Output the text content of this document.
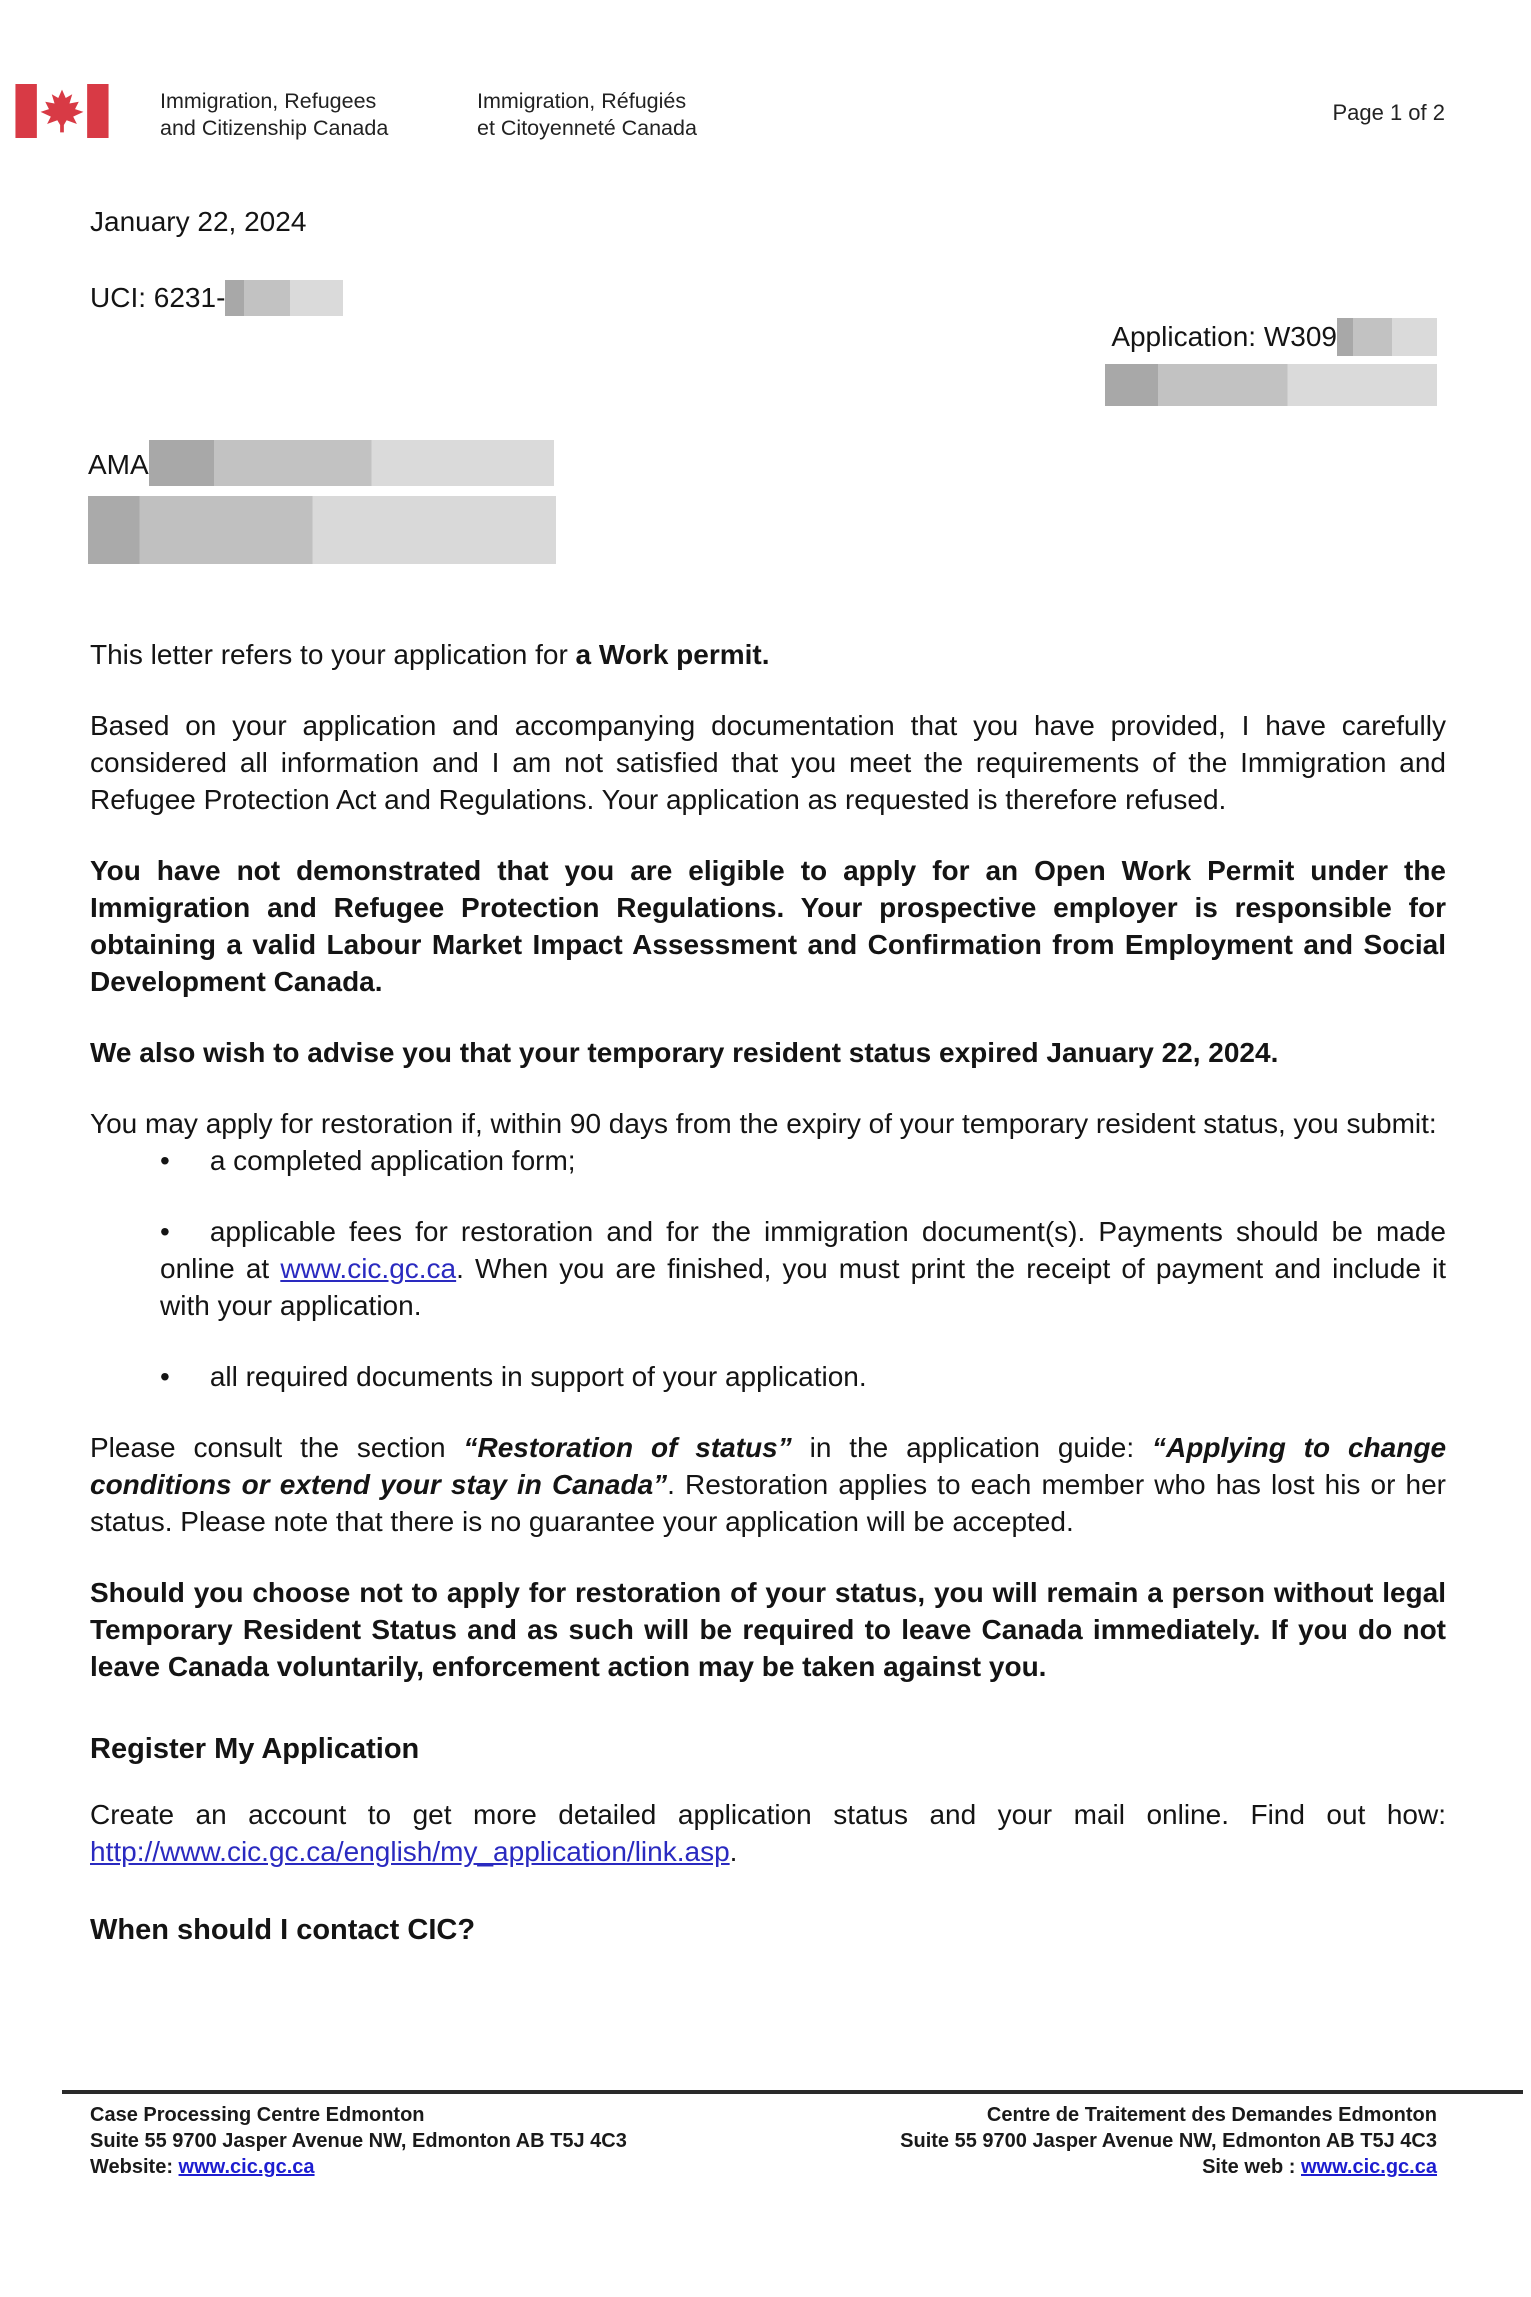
Immigration, Refugees
and Citizenship Canada
Immigration, Réfugiés
et Citoyenneté Canada
Page 1 of 2
January 22, 2024
UCI: 6231-
Application: W309
AMA

This letter refers to your application for a Work permit.

Based on your application and accompanying documentation that you have provided, I have carefully considered all information and I am not satisfied that you meet the requirements of the Immigration and Refugee Protection Act and Regulations. Your application as requested is therefore refused.

You have not demonstrated that you are eligible to apply for an Open Work Permit under the Immigration and Refugee Protection Regulations. Your prospective employer is responsible for obtaining a valid Labour Market Impact Assessment and Confirmation from Employment and Social Development Canada.

We also wish to advise you that your temporary resident status expired January 22, 2024.

You may apply for restoration if, within 90 days from the expiry of your temporary resident status, you submit:

• a completed application form;

• applicable fees for restoration and for the immigration document(s). Payments should be made online at www.cic.gc.ca. When you are finished, you must print the receipt of payment and include it with your application.

• all required documents in support of your application.

Please consult the section “Restoration of status” in the application guide: “Applying to change conditions or extend your stay in Canada”. Restoration applies to each member who has lost his or her status. Please note that there is no guarantee your application will be accepted.

Should you choose not to apply for restoration of your status, you will remain a person without legal Temporary Resident Status and as such will be required to leave Canada immediately. If you do not leave Canada voluntarily, enforcement action may be taken against you.

Register My Application

Create an account to get more detailed application status and your mail online. Find out how: http://www.cic.gc.ca/english/my_application/link.asp.

When should I contact CIC?
Case Processing Centre Edmonton
Suite 55 9700 Jasper Avenue NW, Edmonton AB T5J 4C3
Website: www.cic.gc.ca
Centre de Traitement des Demandes Edmonton
Suite 55 9700 Jasper Avenue NW, Edmonton AB T5J 4C3
Site web : www.cic.gc.ca
